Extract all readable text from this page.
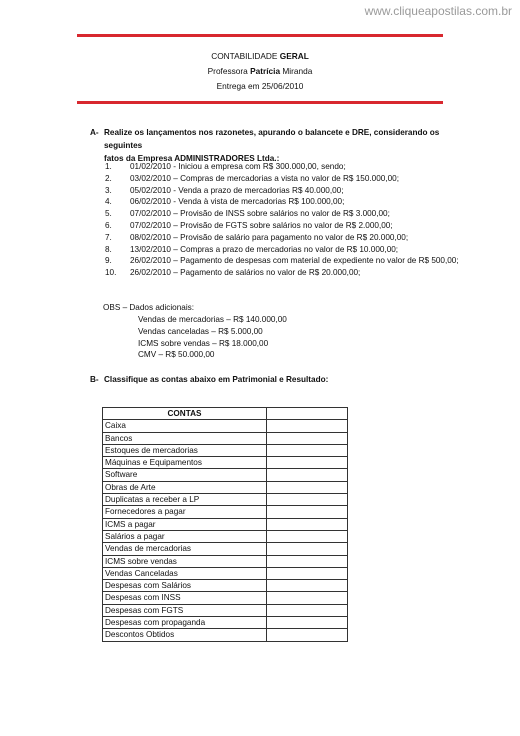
www.cliqueapostilas.com.br
CONTABILIDADE GERAL
Professora Patrícia Miranda
Entrega em 25/06/2010
A- Realize os lançamentos nos razonetes, apurando o balancete e DRE, considerando os seguintes
fatos da Empresa ADMINISTRADORES Ltda.:
1. 01/02/2010 - Iniciou a empresa com R$ 300.000,00, sendo;
2. 03/02/2010 – Compras de mercadorias a vista no valor de R$ 150.000,00;
3. 05/02/2010 - Venda a prazo de mercadorias R$ 40.000,00;
4. 06/02/2010 - Venda à vista de mercadorias R$ 100.000,00;
5. 07/02/2010 – Provisão de INSS sobre salários no valor de R$ 3.000,00;
6. 07/02/2010 – Provisão de FGTS sobre salários no valor de R$ 2.000,00;
7. 08/02/2010 – Provisão de salário para pagamento no valor de R$ 20.000,00;
8. 13/02/2010 – Compras a prazo de mercadorias no valor de R$ 10.000,00;
9. 26/02/2010 – Pagamento de despesas com material de expediente no valor de R$ 500,00;
10. 26/02/2010 – Pagamento de salários no valor de R$ 20.000,00;
OBS – Dados adicionais:
Vendas de mercadorias – R$ 140.000,00
Vendas canceladas – R$ 5.000,00
ICMS sobre vendas – R$ 18.000,00
CMV – R$ 50.000,00
B- Classifique as contas abaixo em Patrimonial e Resultado:
CONTAS	
Caixa	
Bancos	
Estoques de mercadorias	
Máquinas e Equipamentos	
Software	
Obras de Arte	
Duplicatas a receber a LP	
Fornecedores a pagar	
ICMS a pagar	
Salários a pagar	
Vendas de mercadorias	
ICMS sobre vendas	
Vendas Canceladas	
Despesas com Salários	
Despesas com INSS	
Despesas com FGTS	
Despesas com propaganda	
Descontos Obtidos	
